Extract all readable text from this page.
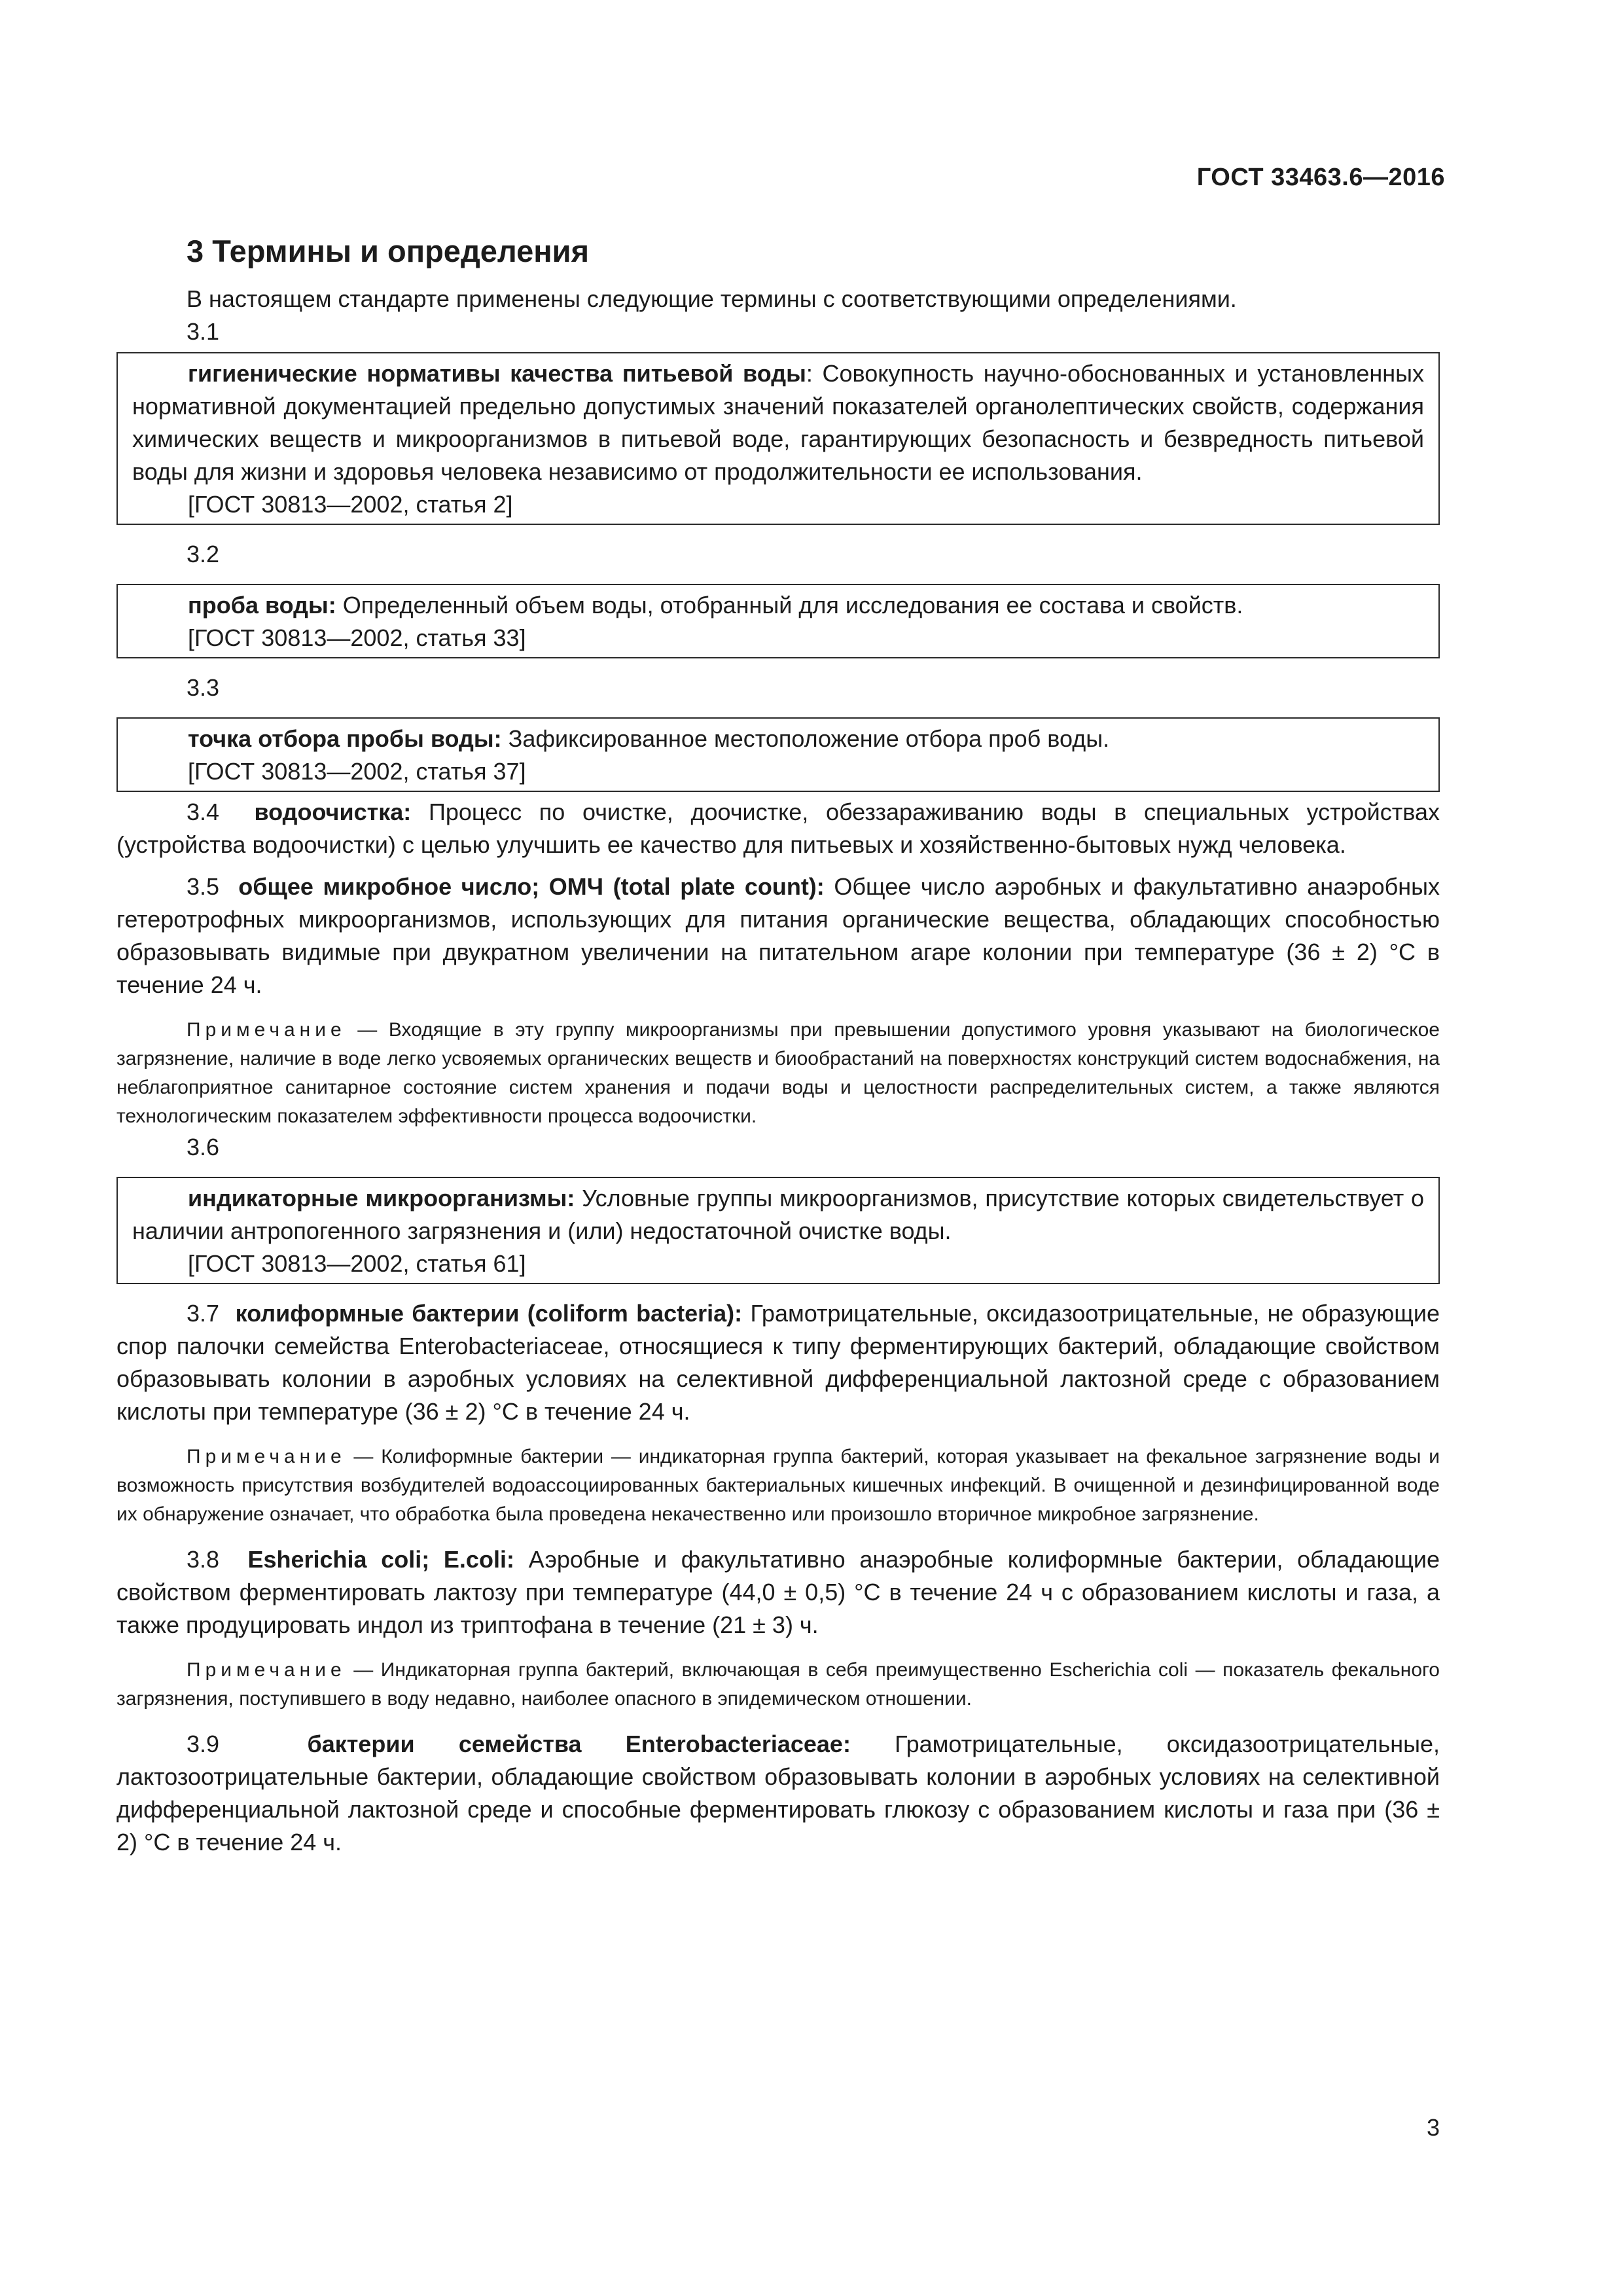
ГОСТ 33463.6—2016
3 Термины и определения

В настоящем стандарте применены следующие термины с соответствующими определениями.

3.1

гигиенические нормативы качества питьевой воды: Совокупность научно-обоснованных и установленных нормативной документацией предельно допустимых значений показателей органолептических свойств, содержания химических веществ и микроорганизмов в питьевой воде, гарантирующих безопасность и безвредность питьевой воды для жизни и здоровья человека независимо от продолжительности ее использования.

[ГОСТ 30813—2002, статья 2]

3.2

проба воды: Определенный объем воды, отобранный для исследования ее состава и свойств.

[ГОСТ 30813—2002, статья 33]

3.3

точка отбора пробы воды: Зафиксированное местоположение отбора проб воды.

[ГОСТ 30813—2002, статья 37]

3.4 водоочистка: Процесс по очистке, доочистке, обеззараживанию воды в специальных устройствах (устройства водоочистки) с целью улучшить ее качество для питьевых и хозяйственно-бытовых нужд человека.

3.5 общее микробное число; ОМЧ (total plate count): Общее число аэробных и факультативно анаэробных гетеротрофных микроорганизмов, использующих для питания органические вещества, обладающих способностью образовывать видимые при двукратном увеличении на питательном агаре колонии при температуре (36 ± 2) °С в течение 24 ч.

Примечание — Входящие в эту группу микроорганизмы при превышении допустимого уровня указывают на биологическое загрязнение, наличие в воде легко усвояемых органических веществ и биообрастаний на поверхностях конструкций систем водоснабжения, на неблагоприятное санитарное состояние систем хранения и подачи воды и целостности распределительных систем, а также являются технологическим показателем эффективности процесса водоочистки.

3.6

индикаторные микроорганизмы: Условные группы микроорганизмов, присутствие которых свидетельствует о наличии антропогенного загрязнения и (или) недостаточной очистке воды.

[ГОСТ 30813—2002, статья 61]

3.7 колиформные бактерии (coliform bacteria): Грамотрицательные, оксидазоотрицательные, не образующие спор палочки семейства Enterobacteriaceae, относящиеся к типу ферментирующих бактерий, обладающие свойством образовывать колонии в аэробных условиях на селективной дифференциальной лактозной среде с образованием кислоты при температуре (36 ± 2) °С в течение 24 ч.

Примечание — Колиформные бактерии — индикаторная группа бактерий, которая указывает на фекальное загрязнение воды и возможность присутствия возбудителей водоассоциированных бактериальных кишечных инфекций. В очищенной и дезинфицированной воде их обнаружение означает, что обработка была проведена некачественно или произошло вторичное микробное загрязнение.

3.8 Esherichia coli; E.coli: Аэробные и факультативно анаэробные колиформные бактерии, обладающие свойством ферментировать лактозу при температуре (44,0 ± 0,5) °С в течение 24 ч с образованием кислоты и газа, а также продуцировать индол из триптофана в течение (21 ± 3) ч.

Примечание — Индикаторная группа бактерий, включающая в себя преимущественно Escherichia coli — показатель фекального загрязнения, поступившего в воду недавно, наиболее опасного в эпидемическом отношении.

3.9	бактерии семейства Enterobacteriaceae: Грамотрицательные, оксидазоотрицательные, лактозоотрицательные бактерии, обладающие свойством образовывать колонии в аэробных условиях на селективной дифференциальной лактозной среде и способные ферментировать глюкозу с образованием кислоты и газа при (36 ± 2) °С в течение 24 ч.

3
